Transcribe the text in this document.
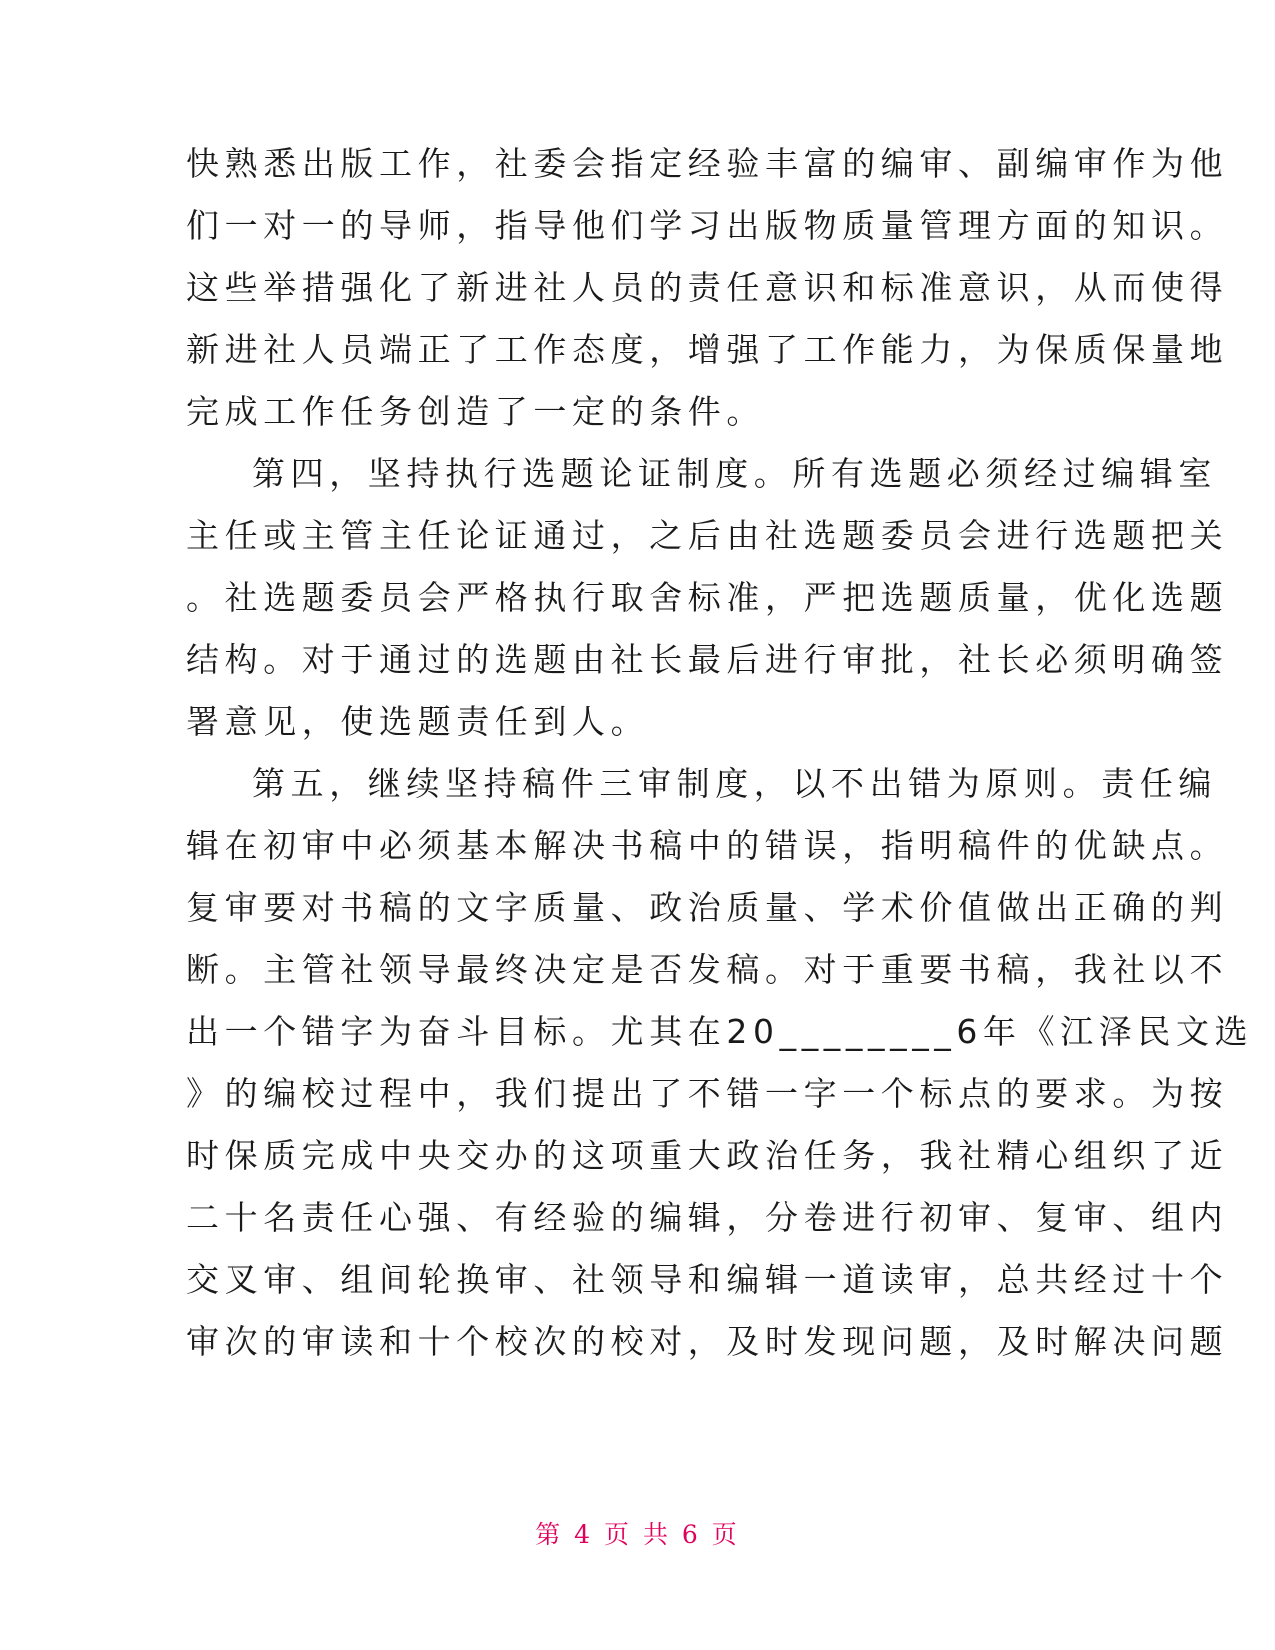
快熟悉出版工作，社委会指定经验丰富的编审、副编审作为他
们一对一的导师，指导他们学习出版物质量管理方面的知识。
这些举措强化了新进社人员的责任意识和标准意识，从而使得
新进社人员端正了工作态度，增强了工作能力，为保质保量地
完成工作任务创造了一定的条件。
第四，坚持执行选题论证制度。所有选题必须经过编辑室
主任或主管主任论证通过，之后由社选题委员会进行选题把关
。社选题委员会严格执行取舍标准，严把选题质量，优化选题
结构。对于通过的选题由社长最后进行审批，社长必须明确签
署意见，使选题责任到人。
第五，继续坚持稿件三审制度，以不出错为原则。责任编
辑在初审中必须基本解决书稿中的错误，指明稿件的优缺点。
复审要对书稿的文字质量、政治质量、学术价值做出正确的判
断。主管社领导最终决定是否发稿。对于重要书稿，我社以不
出一个错字为奋斗目标。尤其在20________6年《江泽民文选
》的编校过程中，我们提出了不错一字一个标点的要求。为按
时保质完成中央交办的这项重大政治任务，我社精心组织了近
二十名责任心强、有经验的编辑，分卷进行初审、复审、组内
交叉审、组间轮换审、社领导和编辑一道读审，总共经过十个
审次的审读和十个校次的校对，及时发现问题，及时解决问题
第 4 页 共 6 页
